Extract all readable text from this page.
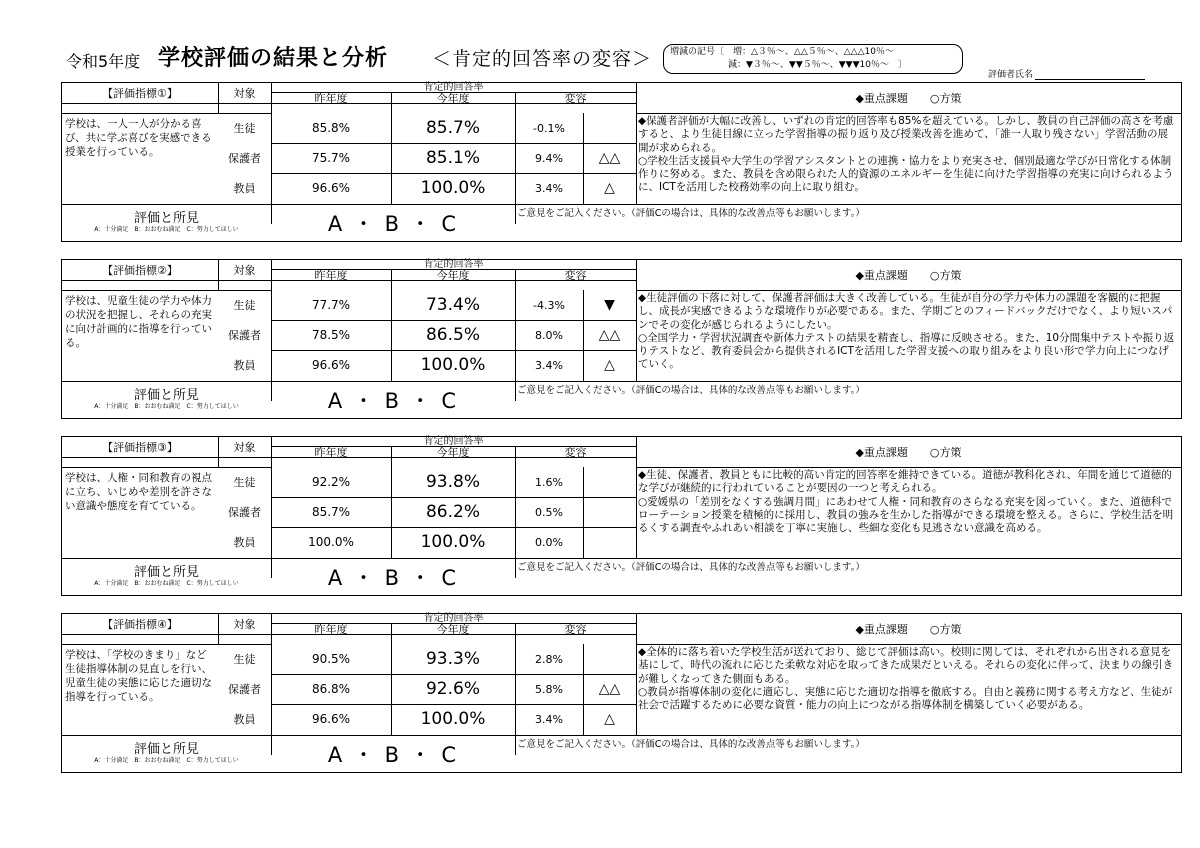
令和5年度 学校評価の結果と分析 ＜肯定的回答率の変容＞ 増減の記号〔　増：△３％～、△△５％～、△△△10％～
減：▼３％～、▼▼５％～、▼▼▼10％～　〕
評価者氏名
【評価指標①】	対象	肯定的回答率
昨年度	今年度	変容	◆重点課題　　○方策
学校は、一人一人が分かる喜び、共に学ぶ喜びを実感できる授業を行っている。
◆保護者評価が大幅に改善し、いずれの肯定的回答率も85%を超えている。しかし、教員の自己評価の高さを考慮すると、より生徒目線に立った学習指導の振り返り及び授業改善を進めて、「誰一人取り残さない」学習活動の展開が求められる。
○学校生活支援員や大学生の学習アシスタントとの連携・協力をより充実させ、個別最適な学びが日常化する体制作りに努める。また、教員を含め限られた人的資源のエネルギーを生徒に向けた学習指導の充実に向けられるように、ICTを活用した校務効率の向上に取り組む。
評価と所見
A：十分満足　B：おおむね満足　C：努力してほしい	A ・ B ・ C	ご意見をご記入ください。（評価Cの場合は、具体的な改善点等もお願いします。）
生徒	85.8%	85.7%	-0.1%
保護者	75.7%	85.1%	9.4%	△△
教員	96.6%	100.0%	3.4%	△
【評価指標②】	対象	肯定的回答率
昨年度	今年度	変容	◆重点課題　　○方策
学校は、児童生徒の学力や体力の状況を把握し、それらの充実に向け計画的に指導を行っている。
◆生徒評価の下落に対して、保護者評価は大きく改善している。生徒が自分の学力や体力の課題を客観的に把握し、成長が実感できるような環境作りが必要である。また、学期ごとのフィードバックだけでなく、より短いスパンでその変化が感じられるようにしたい。
○全国学力・学習状況調査や新体力テストの結果を精査し、指導に反映させる。また、10分間集中テストや振り返りテストなど、教育委員会から提供されるICTを活用した学習支援への取り組みをより良い形で学力向上につなげていく。
評価と所見
A：十分満足　B：おおむね満足　C：努力してほしい	A ・ B ・ C	ご意見をご記入ください。（評価Cの場合は、具体的な改善点等もお願いします。）
生徒	77.7%	73.4%	-4.3%	▼
保護者	78.5%	86.5%	8.0%	△△
教員	96.6%	100.0%	3.4%	△
【評価指標③】	対象	肯定的回答率
昨年度	今年度	変容	◆重点課題　　○方策
学校は、人権・同和教育の視点に立ち、いじめや差別を許さない意識や態度を育てている。
◆生徒、保護者、教員ともに比較的高い肯定的回答率を維持できている。道徳が教科化され、年間を通じて道徳的な学びが継続的に行われていることが要因の一つと考えられる。
○愛媛県の「差別をなくする強調月間」にあわせて人権・同和教育のさらなる充実を図っていく。また、道徳科でローテーション授業を積極的に採用し、教員の強みを生かした指導ができる環境を整える。さらに、学校生活を明るくする調査やふれあい相談を丁寧に実施し、些細な変化も見逃さない意識を高める。
評価と所見
A：十分満足　B：おおむね満足　C：努力してほしい	A ・ B ・ C	ご意見をご記入ください。（評価Cの場合は、具体的な改善点等もお願いします。）
生徒	92.2%	93.8%	1.6%
保護者	85.7%	86.2%	0.5%
教員	100.0%	100.0%	0.0%
【評価指標④】	対象	肯定的回答率
昨年度	今年度	変容	◆重点課題　　○方策
学校は、「学校のきまり」など生徒指導体制の見直しを行い、児童生徒の実態に応じた適切な指導を行っている。
◆全体的に落ち着いた学校生活が送れており、総じて評価は高い。校則に関しては、それぞれから出される意見を基にして、時代の流れに応じた柔軟な対応を取ってきた成果だといえる。それらの変化に伴って、決まりの線引きが難しくなってきた側面もある。
○教員が指導体制の変化に適応し、実態に応じた適切な指導を徹底する。自由と義務に関する考え方など、生徒が社会で活躍するために必要な資質・能力の向上につながる指導体制を構築していく必要がある。
評価と所見
A：十分満足　B：おおむね満足　C：努力してほしい	A ・ B ・ C	ご意見をご記入ください。（評価Cの場合は、具体的な改善点等もお願いします。）
生徒	90.5%	93.3%	2.8%
保護者	86.8%	92.6%	5.8%	△△
教員	96.6%	100.0%	3.4%	△
